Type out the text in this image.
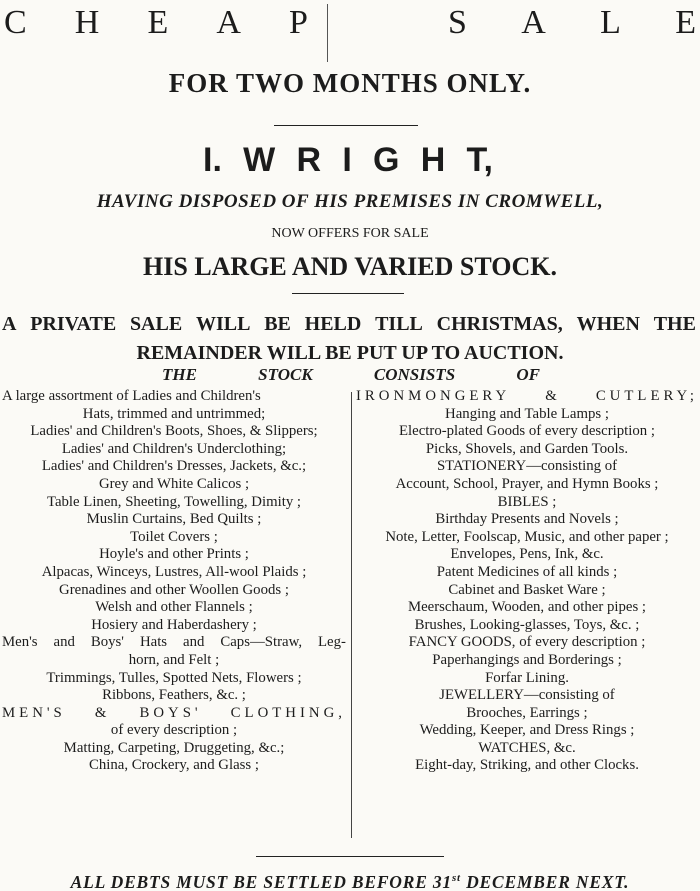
C H E A P	S A L E
FOR TWO MONTHS ONLY.
I. W R I G H T,
HAVING DISPOSED OF HIS PREMISES IN CROMWELL,
NOW OFFERS FOR SALE
HIS LARGE AND VARIED STOCK.
A PRIVATE SALE WILL BE HELD TILL CHRISTMAS, WHEN THE
REMAINDER WILL BE PUT UP TO AUCTION.
THE	STOCK	CONSISTS	OF
A large assortment of Ladies and Children's
Hats, trimmed and untrimmed;
Ladies' and Children's Boots, Shoes, & Slippers;
Ladies' and Children's Underclothing;
Ladies' and Children's Dresses, Jackets, &c.;
Grey and White Calicos ;
Table Linen, Sheeting, Towelling, Dimity ;
Muslin Curtains, Bed Quilts ;
Toilet Covers ;
Hoyle's and other Prints ;
Alpacas, Winceys, Lustres, All-wool Plaids ;
Grenadines and other Woollen Goods ;
Welsh and other Flannels ;
Hosiery and Haberdashery ;
Men's and Boys' Hats and Caps—Straw, Leg-
horn, and Felt ;
Trimmings, Tulles, Spotted Nets, Flowers ;
Ribbons, Feathers, &c. ;
MEN'S & BOYS' CLOTHING,
of every description ;
Matting, Carpeting, Druggeting, &c.;
China, Crockery, and Glass ;
IRONMONGERY & CUTLERY;
Hanging and Table Lamps ;
Electro-plated Goods of every description ;
Picks, Shovels, and Garden Tools.
STATIONERY—consisting of
Account, School, Prayer, and Hymn Books ;
BIBLES ;
Birthday Presents and Novels ;
Note, Letter, Foolscap, Music, and other paper ;
Envelopes, Pens, Ink, &c.
Patent Medicines of all kinds ;
Cabinet and Basket Ware ;
Meerschaum, Wooden, and other pipes ;
Brushes, Looking-glasses, Toys, &c. ;
FANCY GOODS, of every description ;
Paperhangings and Borderings ;
Forfar Lining.
JEWELLERY—consisting of
Brooches, Earrings ;
Wedding, Keeper, and Dress Rings ;
WATCHES, &c.
Eight-day, Striking, and other Clocks.
ALL DEBTS MUST BE SETTLED BEFORE 31st DECEMBER NEXT.
